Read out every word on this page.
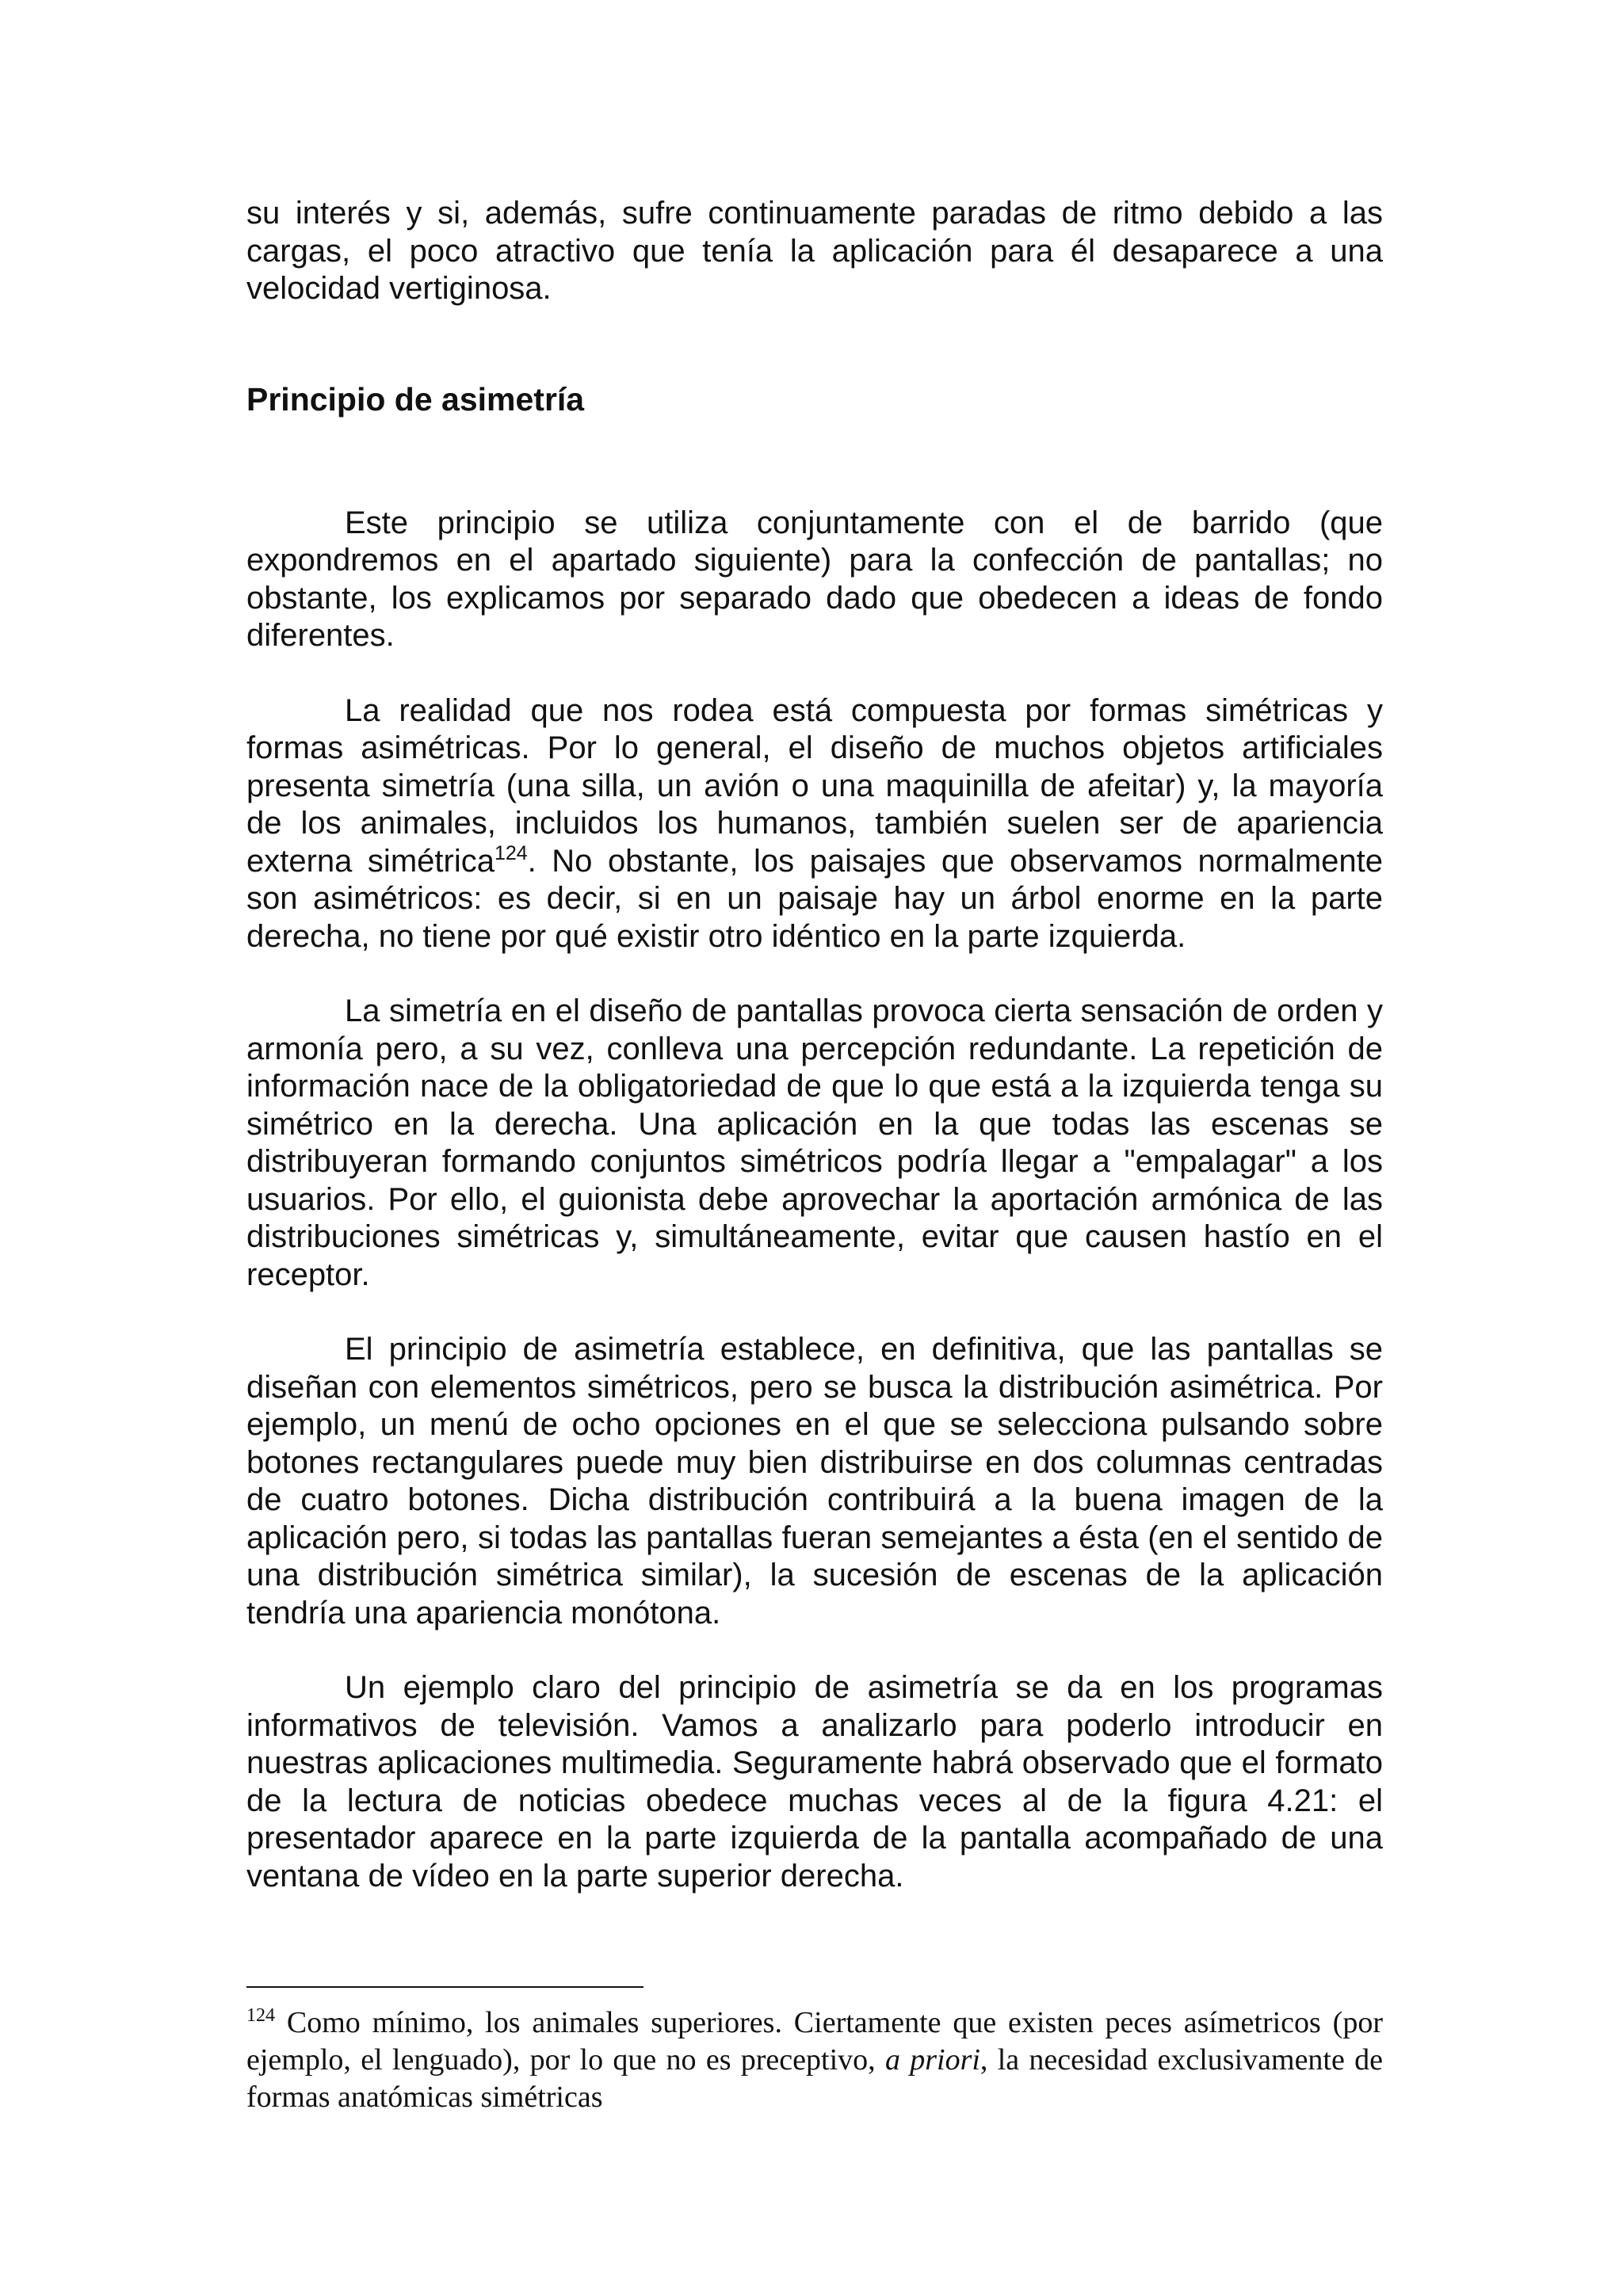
su interés y si, además, sufre continuamente paradas de ritmo debido a las cargas, el poco atractivo que tenía la aplicación para él desaparece a una velocidad vertiginosa.

Principio de asimetría

Este principio se utiliza conjuntamente con el de barrido (que expondremos en el apartado siguiente) para la confección de pantallas; no obstante, los explicamos por separado dado que obedecen a ideas de fondo diferentes.

La realidad que nos rodea está compuesta por formas simétricas y formas asimétricas. Por lo general, el diseño de muchos objetos artificiales presenta simetría (una silla, un avión o una maquinilla de afeitar) y, la mayoría de los animales, incluidos los humanos, también suelen ser de apariencia externa simétrica$^{124}$. No obstante, los paisajes que observamos normalmente son asimétricos: es decir, si en un paisaje hay un árbol enorme en la parte derecha, no tiene por qué existir otro idéntico en la parte izquierda.

La simetría en el diseño de pantallas provoca cierta sensación de orden y armonía pero, a su vez, conlleva una percepción redundante. La repetición de información nace de la obligatoriedad de que lo que está a la izquierda tenga su simétrico en la derecha. Una aplicación en la que todas las escenas se distribuyeran formando conjuntos simétricos podría llegar a "empalagar" a los usuarios. Por ello, el guionista debe aprovechar la aportación armónica de las distribuciones simétricas y, simultáneamente, evitar que causen hastío en el receptor.

El principio de asimetría establece, en definitiva, que las pantallas se diseñan con elementos simétricos, pero se busca la distribución asimétrica. Por ejemplo, un menú de ocho opciones en el que se selecciona pulsando sobre botones rectangulares puede muy bien distribuirse en dos columnas centradas de cuatro botones. Dicha distribución contribuirá a la buena imagen de la aplicación pero, si todas las pantallas fueran semejantes a ésta (en el sentido de una distribución simétrica similar), la sucesión de escenas de la aplicación tendría una apariencia monótona.

Un ejemplo claro del principio de asimetría se da en los programas informativos de televisión. Vamos a analizarlo para poderlo introducir en nuestras aplicaciones multimedia. Seguramente habrá observado que el formato de la lectura de noticias obedece muchas veces al de la figura 4.21: el presentador aparece en la parte izquierda de la pantalla acompañado de una ventana de vídeo en la parte superior derecha.

$^{124}$ Como mínimo, los animales superiores. Ciertamente que existen peces asímetricos (por ejemplo, el lenguado), por lo que no es preceptivo, a priori, la necesidad exclusivamente de formas anatómicas simétricas
